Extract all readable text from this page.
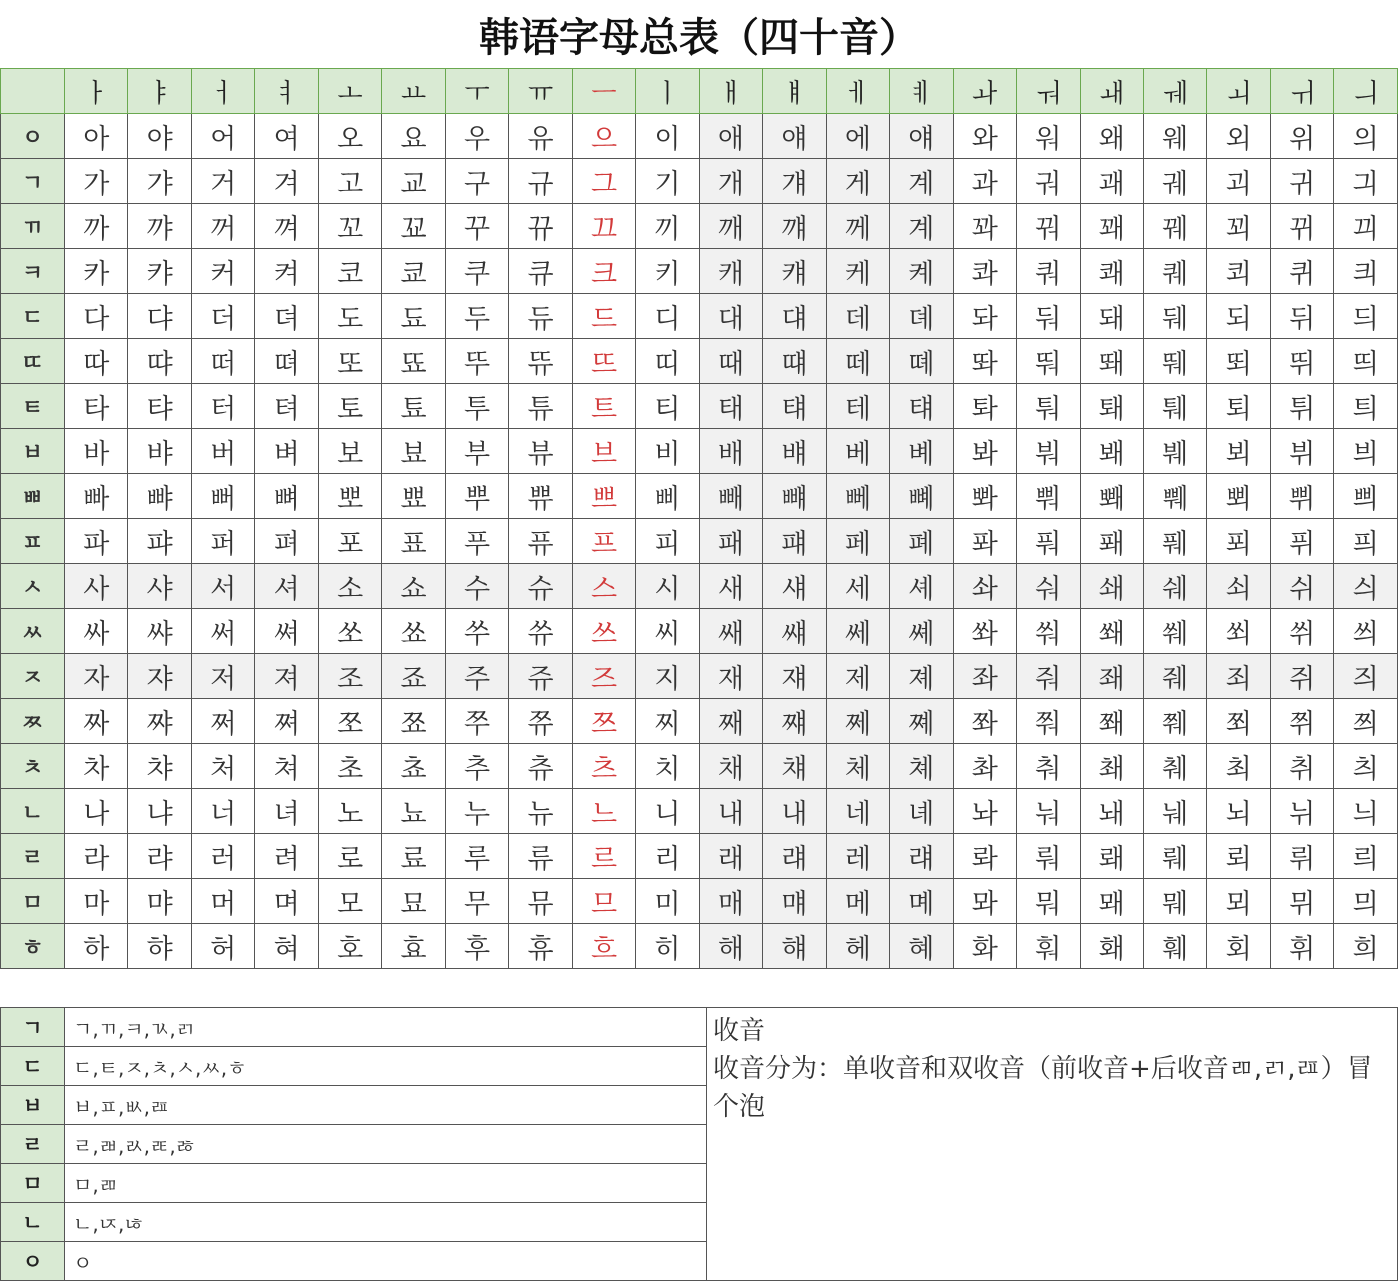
韩语字母总表（四十音）
	ㅏ	ㅑ	ㅓ	ㅕ	ㅗ	ㅛ	ㅜ	ㅠ	ㅡ	ㅣ	ㅐ	ㅒ	ㅔ	ㅖ	ㅘ	ㅝ	ㅙ	ㅞ	ㅚ	ㅟ	ㅢ
ㅇ	아	야	어	여	오	요	우	유	으	이	애	얘	에	얘	와	워	왜	웨	외	위	의
ㄱ	가	갸	거	겨	고	교	구	규	그	기	개	걔	게	계	과	궈	괘	궤	괴	귀	긔
ㄲ	까	꺄	꺼	껴	꼬	꾜	꾸	뀨	끄	끼	깨	꺠	께	계	꽈	꿔	꽤	꿰	꾀	뀌	끠
ㅋ	카	캬	커	켜	코	쿄	쿠	큐	크	키	캐	컈	케	켸	콰	쿼	쾌	퀘	쾨	퀴	킈
ㄷ	다	댜	더	뎌	도	됴	두	듀	드	디	대	댸	데	뎨	돠	둬	돼	뒈	되	뒤	듸
ㄸ	따	땨	떠	뗘	또	뚀	뚜	뜌	뜨	띠	때	떄	떼	뗴	똬	뚸	뙈	뛔	뙤	뛰	띄
ㅌ	타	탸	터	텨	토	툐	투	튜	트	티	태	턔	테	턔	톼	퉈	퇘	퉤	퇴	튀	틔
ㅂ	바	뱌	버	벼	보	뵤	부	뷰	브	비	배	뱨	베	볘	봐	붜	봬	붸	뵈	뷔	븨
ㅃ	빠	뺘	뻐	뼈	뽀	뾰	뿌	쀼	쁘	삐	빼	뺴	뻬	뼤	뽜	뿨	뽸	쀄	뾔	쀠	쁴
ㅍ	파	퍄	퍼	펴	포	표	푸	퓨	프	피	패	퍠	페	폐	퐈	풔	퐤	풰	푀	퓌	픠
ㅅ	사	샤	서	셔	소	쇼	수	슈	스	시	새	섀	세	셰	솨	숴	쇄	쉐	쇠	쉬	싀
ㅆ	싸	쌰	써	쎠	쏘	쑈	쑤	쓔	쓰	씨	쌔	썌	쎄	쎼	쏴	쒀	쐐	쒜	쐬	쒸	씌
ㅈ	자	쟈	저	져	조	죠	주	쥬	즈	지	재	쟤	제	졔	좌	줘	좨	줴	죄	쥐	즤
ㅉ	짜	쨔	쩌	쪄	쪼	쬬	쭈	쮸	쯔	찌	째	쨰	쩨	쪠	쫘	쭤	쫴	쮀	쬐	쮜	쯰
ㅊ	차	챠	처	쳐	초	쵸	추	츄	츠	치	채	챼	체	쳬	촤	춰	쵀	췌	최	취	츼
ㄴ	나	냐	너	녀	노	뇨	누	뉴	느	니	내	내	네	녜	놔	눠	놰	눼	뇌	뉘	늬
ㄹ	라	랴	러	려	로	료	루	류	르	리	래	럐	레	럐	롸	뤄	뢔	뤠	뢰	뤼	릐
ㅁ	마	먀	머	며	모	묘	무	뮤	므	미	매	먜	메	몌	뫄	뭐	뫠	뭬	뫼	뮈	믜
ㅎ	하	햐	허	혀	호	효	후	휴	흐	히	해	햬	헤	혜	화	훠	홰	훼	회	휘	희
ㄱ	ㄱ,ㄲ,ㅋ,ㄳ,ㄺ	收音
收音分为：单收音和双收音（前收音+后收音ㄻ,ㄺ,ㄿ）冒个泡

ㄷ	ㄷ,ㅌ,ㅈ,ㅊ,ㅅ,ㅆ,ㅎ	
ㅂ	ㅂ,ㅍ,ㅄ,ㄿ	
ㄹ	ㄹ,ㄼ,ㄽ,ㄾ,ㅀ	
ㅁ	ㅁ,ㄻ	
ㄴ	ㄴ,ㄵ,ㄶ	
ㅇ	ㅇ	
